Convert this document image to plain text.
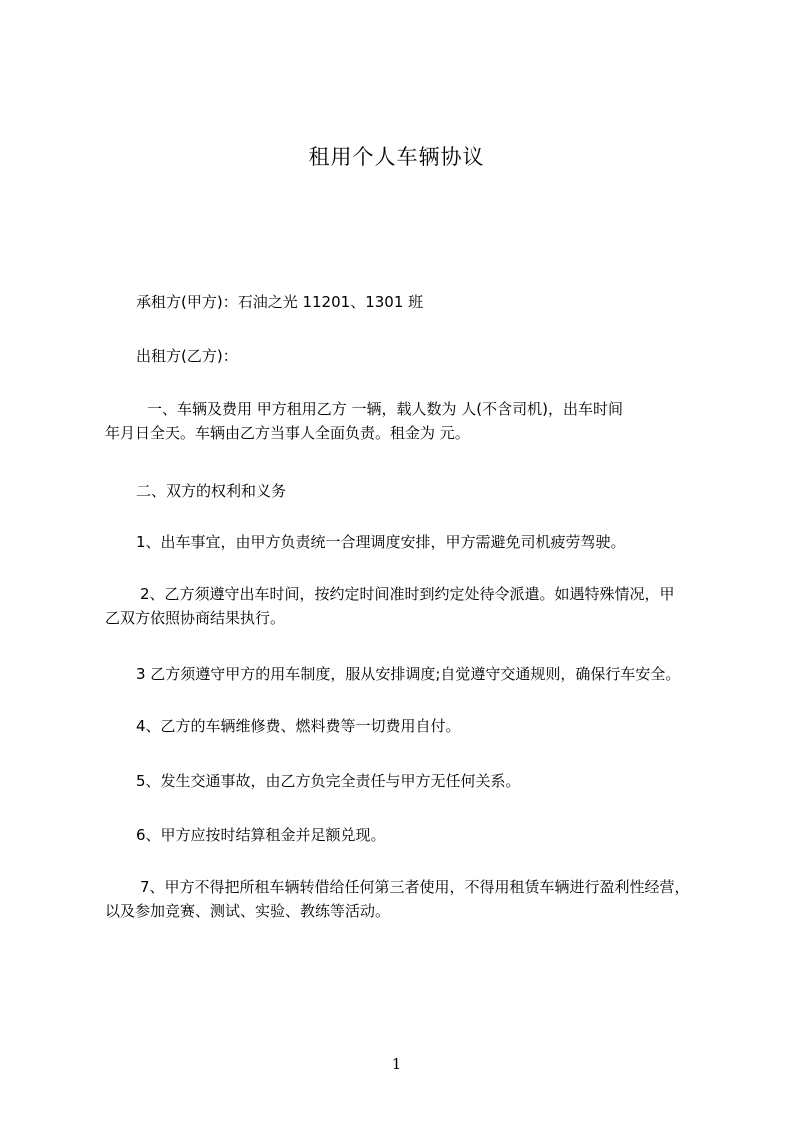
租用个人车辆协议
承租方(甲方)：石油之光 11201、1301 班
出租方(乙方)：
一、车辆及费用 甲方租用乙方 一辆，载人数为 人(不含司机)，出车时间
年月日全天。车辆由乙方当事人全面负责。租金为 元。
二、双方的权利和义务
1、出车事宜，由甲方负责统一合理调度安排，甲方需避免司机疲劳驾驶。
2、乙方须遵守出车时间，按约定时间准时到约定处待令派遣。如遇特殊情况，甲
乙双方依照协商结果执行。
3 乙方须遵守甲方的用车制度，服从安排调度;自觉遵守交通规则，确保行车安全。
4、乙方的车辆维修费、燃料费等一切费用自付。
5、发生交通事故，由乙方负完全责任与甲方无任何关系。
6、甲方应按时结算租金并足额兑现。
7、甲方不得把所租车辆转借给任何第三者使用，不得用租赁车辆进行盈利性经营，
以及参加竞赛、测试、实验、教练等活动。
1
